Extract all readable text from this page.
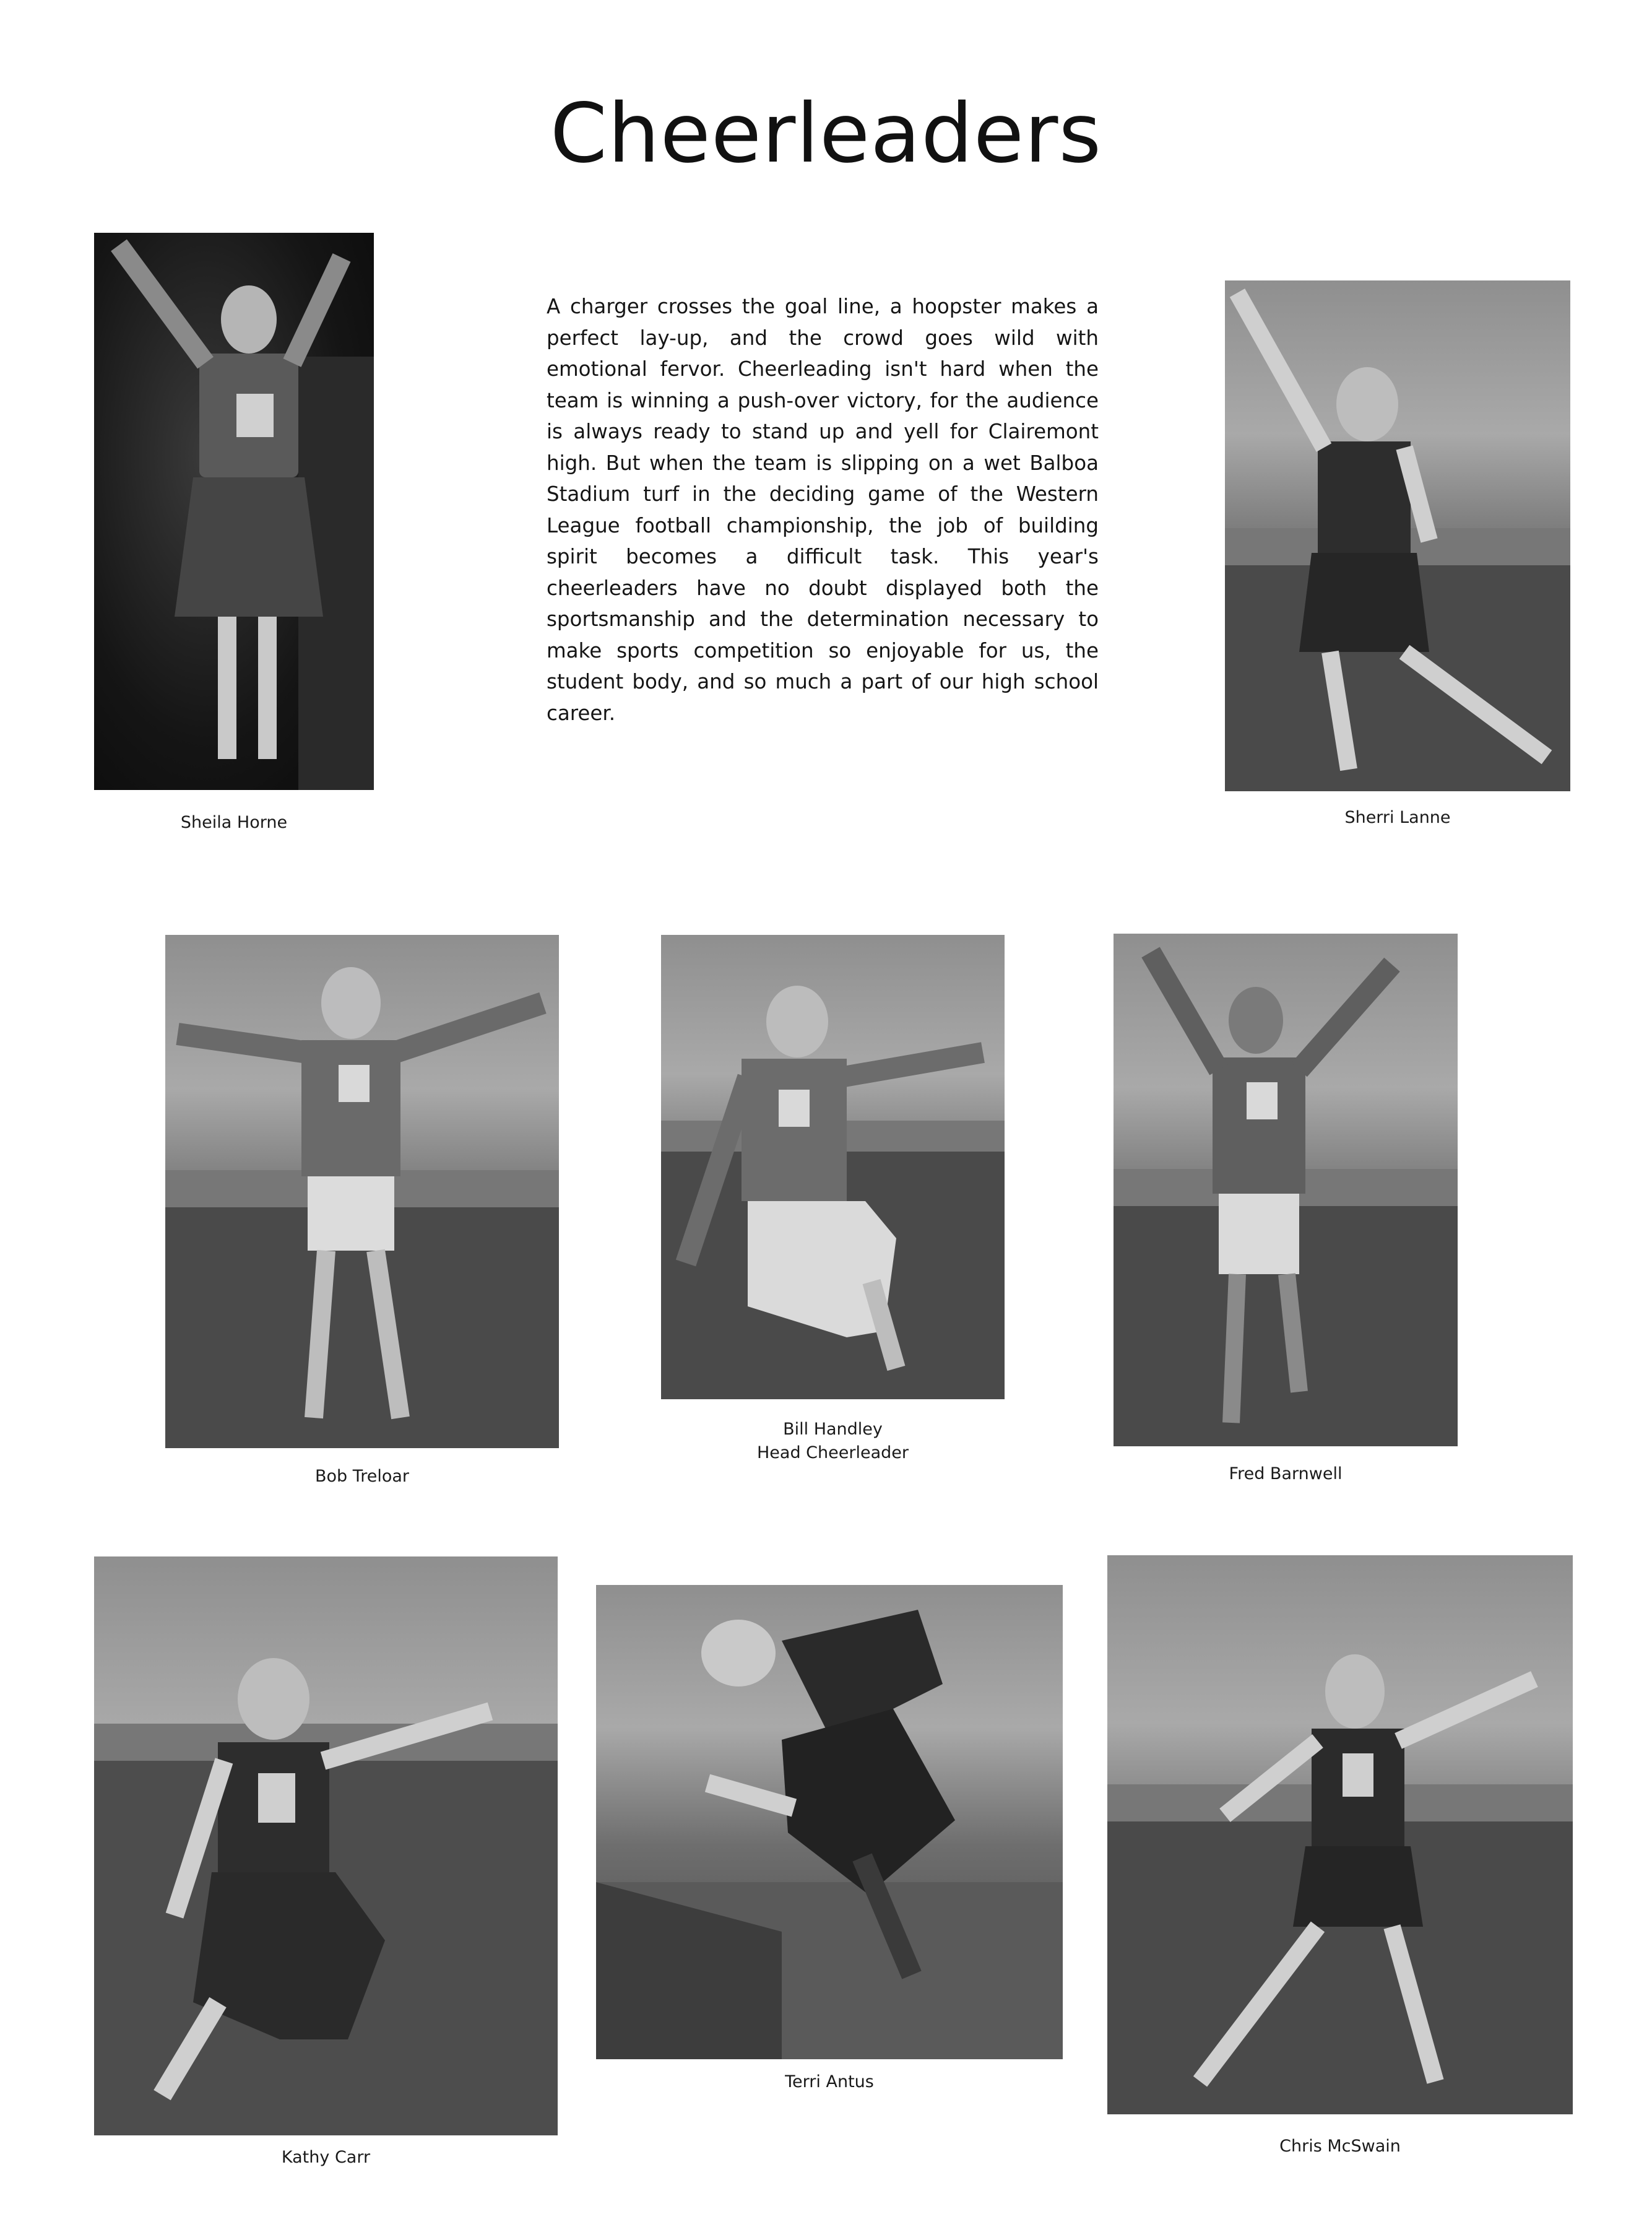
Cheerleaders
A charger crosses the goal line, a hoopster makes a perfect lay-up, and the crowd goes wild with emotional fervor. Cheerleading isn't hard when the team is winning a push-over victory, for the audience is always ready to stand up and yell for Clairemont high. But when the team is slipping on a wet Balboa Stadium turf in the deciding game of the Western League football championship, the job of building spirit becomes a difficult task. This year's cheerleaders have no doubt displayed both the sportsmanship and the determination necessary to make sports competition so enjoyable for us, the student body, and so much a part of our high school career.
Sheila Horne	Sherri Lanne
Bob Treloar
Bill Handley
Head Cheerleader
Fred Barnwell
Kathy Carr
Terri Antus
Chris McSwain
